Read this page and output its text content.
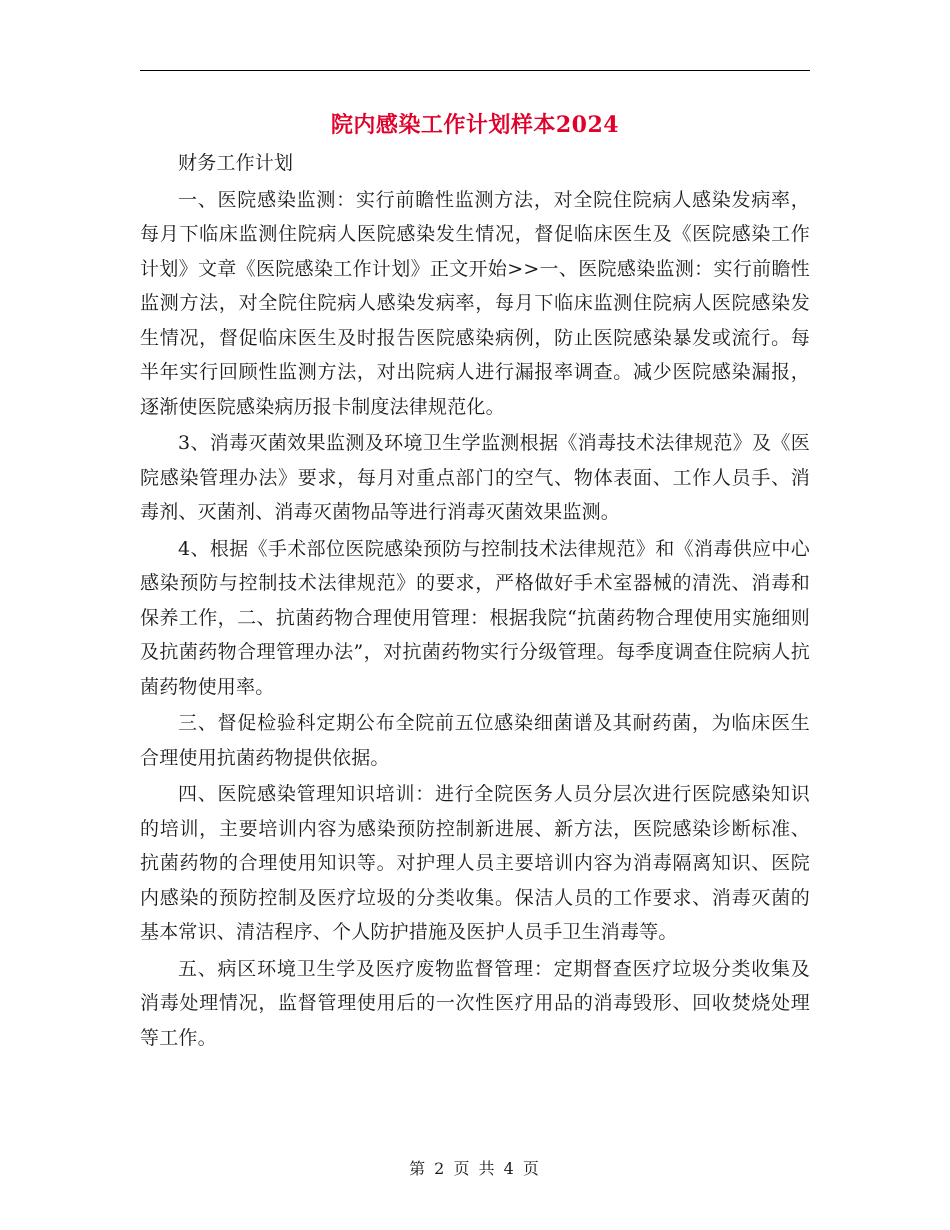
院内感染工作计划样本2024

财务工作计划

一、医院感染监测：实行前瞻性监测方法，对全院住院病人感染发病率，每月下临床监测住院病人医院感染发生情况，督促临床医生及《医院感染工作计划》文章《医院感染工作计划》正文开始>>一、医院感染监测：实行前瞻性监测方法，对全院住院病人感染发病率，每月下临床监测住院病人医院感染发生情况，督促临床医生及时报告医院感染病例，防止医院感染暴发或流行。每半年实行回顾性监测方法，对出院病人进行漏报率调查。减少医院感染漏报，逐渐使医院感染病历报卡制度法律规范化。

3、消毒灭菌效果监测及环境卫生学监测根据《消毒技术法律规范》及《医院感染管理办法》要求，每月对重点部门的空气、物体表面、工作人员手、消毒剂、灭菌剂、消毒灭菌物品等进行消毒灭菌效果监测。

4、根据《手术部位医院感染预防与控制技术法律规范》和《消毒供应中心感染预防与控制技术法律规范》的要求，严格做好手术室器械的清洗、消毒和保养工作，二、抗菌药物合理使用管理：根据我院“抗菌药物合理使用实施细则及抗菌药物合理管理办法”，对抗菌药物实行分级管理。每季度调查住院病人抗菌药物使用率。

三、督促检验科定期公布全院前五位感染细菌谱及其耐药菌，为临床医生合理使用抗菌药物提供依据。

四、医院感染管理知识培训：进行全院医务人员分层次进行医院感染知识的培训，主要培训内容为感染预防控制新进展、新方法，医院感染诊断标准、抗菌药物的合理使用知识等。对护理人员主要培训内容为消毒隔离知识、医院内感染的预防控制及医疗垃圾的分类收集。保洁人员的工作要求、消毒灭菌的基本常识、清洁程序、个人防护措施及医护人员手卫生消毒等。

五、病区环境卫生学及医疗废物监督管理：定期督查医疗垃圾分类收集及消毒处理情况，监督管理使用后的一次性医疗用品的消毒毁形、回收焚烧处理等工作。

第 2 页 共 4 页
